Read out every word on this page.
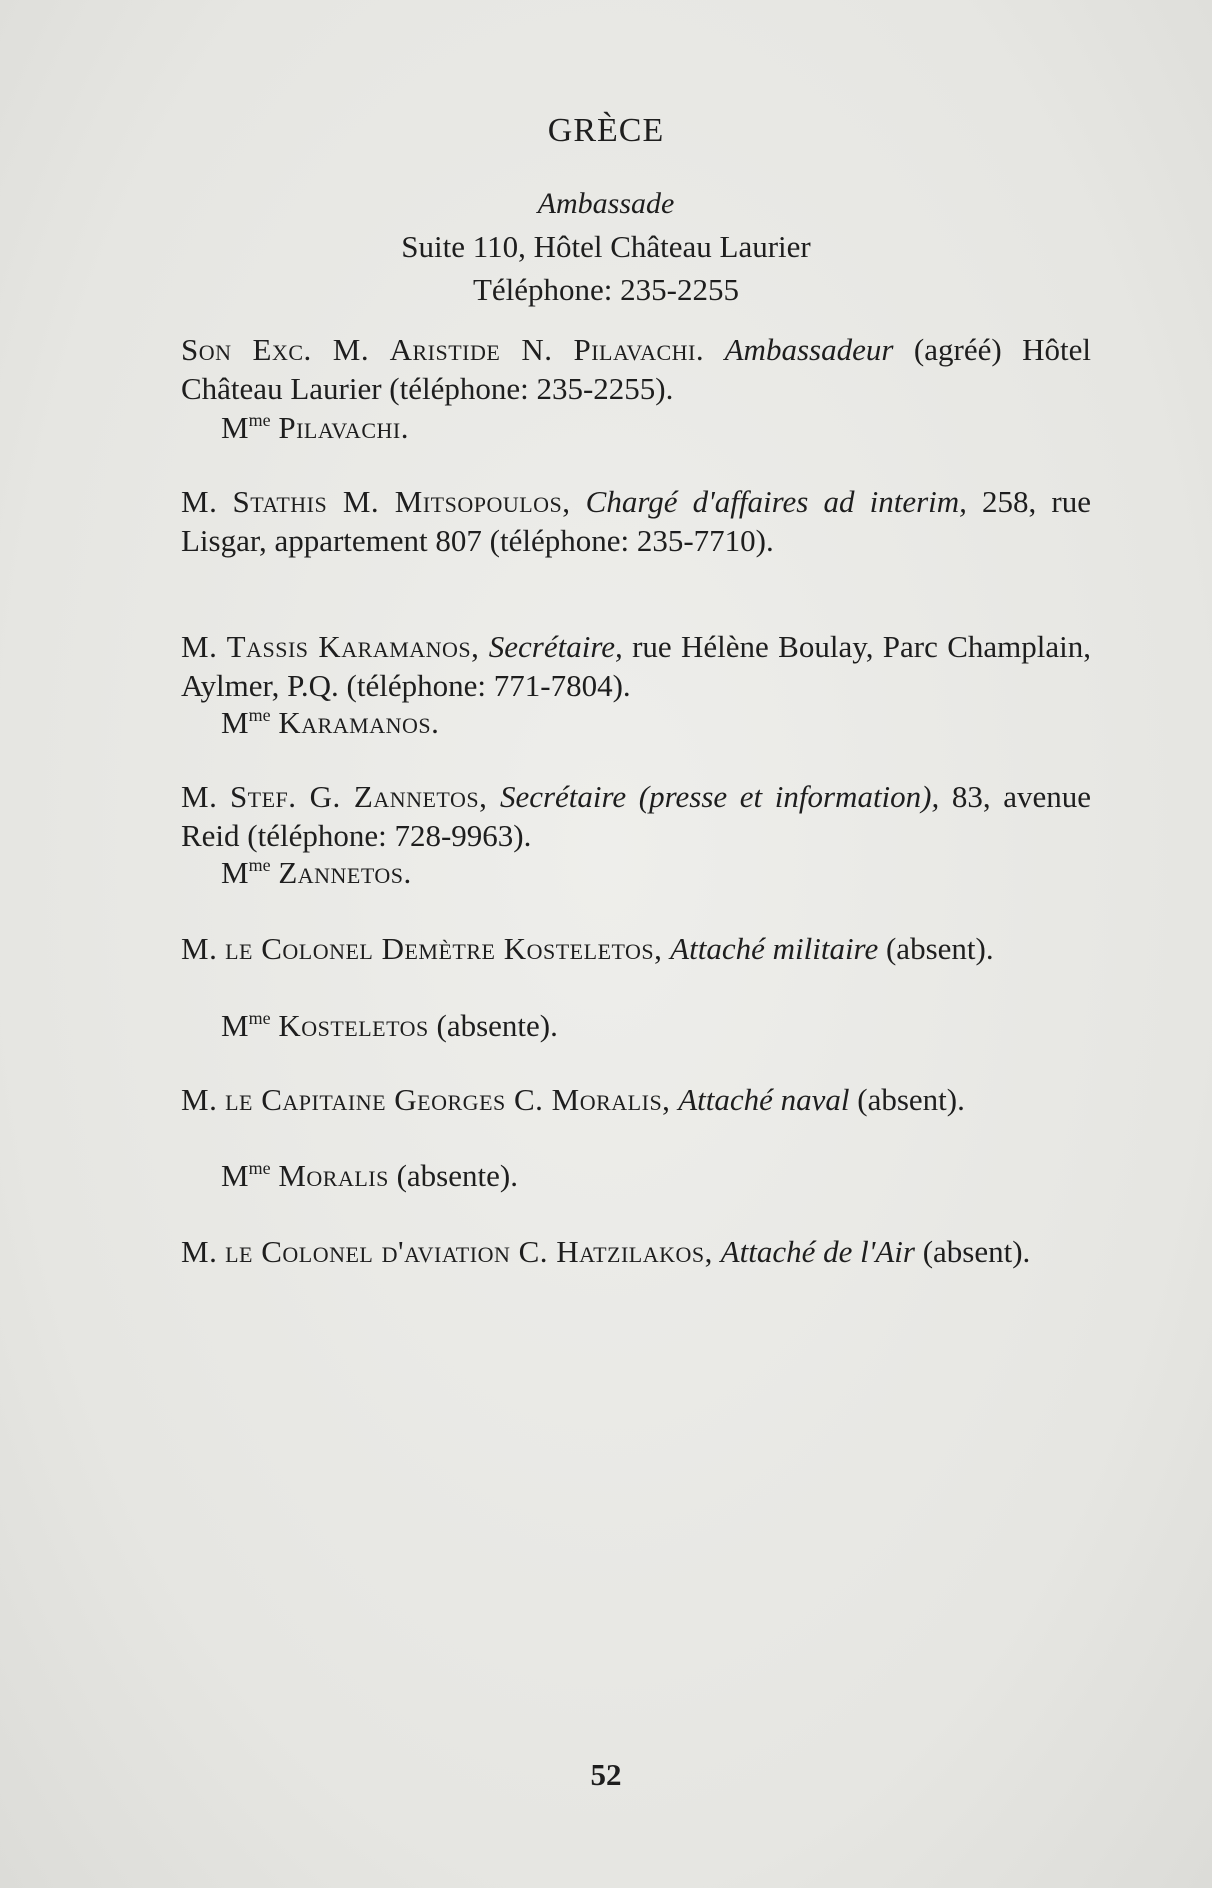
GRÈCE
Ambassade
Suite 110, Hôtel Château Laurier
Téléphone: 235-2255
Son Exc. M. Aristide N. Pilavachi. Ambassadeur (agréé) Hôtel Château Laurier (téléphone: 235-2255).
$M^{me}$ Pilavachi.
M. Stathis M. Mitsopoulos, Chargé d'affaires ad interim, 258, rue Lisgar, appartement 807 (téléphone: 235-7710).
M. Tassis Karamanos, Secrétaire, rue Hélène Boulay, Parc Champlain, Aylmer, P.Q. (téléphone: 771-7804).
$M^{me}$ Karamanos.
M. Stef. G. Zannetos, Secrétaire (presse et information), 83, avenue Reid (téléphone: 728-9963).
$M^{me}$ Zannetos.
M. le Colonel Demètre Kosteletos, Attaché militaire (absent).
$M^{me}$ Kosteletos (absente).
M. le Capitaine Georges C. Moralis, Attaché naval (absent).
$M^{me}$ Moralis (absente).
M. le Colonel d'aviation C. Hatzilakos, Attaché de l'Air (absent).
52
